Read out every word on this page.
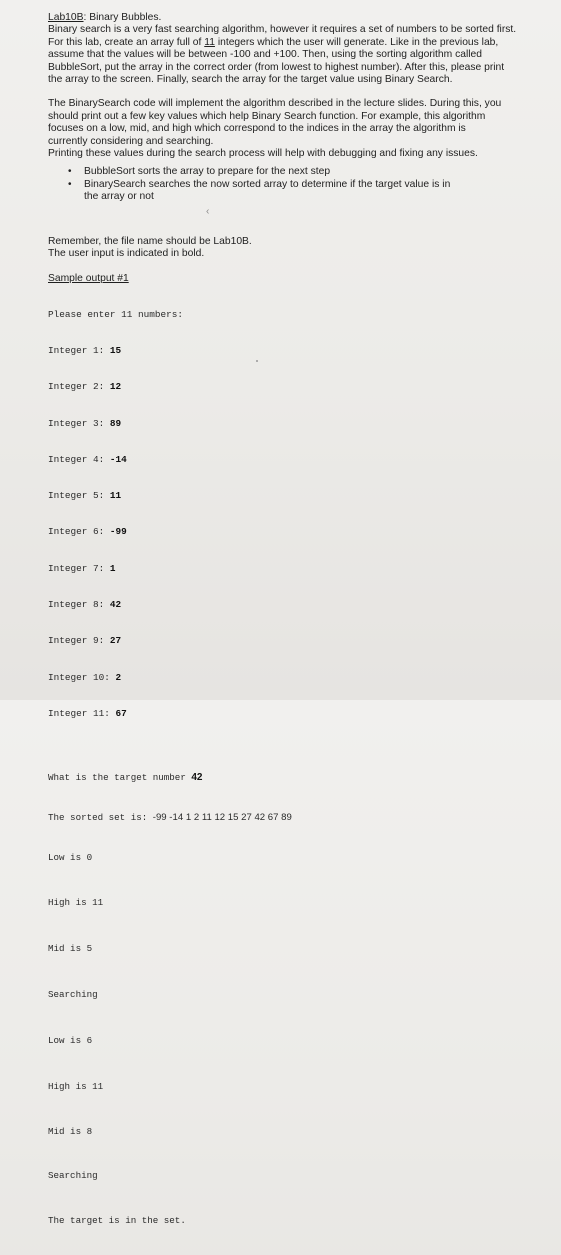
Lab10B: Binary Bubbles.
Binary search is a very fast searching algorithm, however it requires a set of numbers to be sorted first.
For this lab, create an array full of 11 integers which the user will generate. Like in the previous lab,
assume that the values will be between -100 and +100. Then, using the sorting algorithm called
BubbleSort, put the array in the correct order (from lowest to highest number). After this, please print
the array to the screen. Finally, search the array for the target value using Binary Search.
The BinarySearch code will implement the algorithm described in the lecture slides. During this, you
should print out a few key values which help Binary Search function. For example, this algorithm
focuses on a low, mid, and high which correspond to the indices in the array the algorithm is
currently considering and searching.
Printing these values during the search process will help with debugging and fixing any issues.
• BubbleSort sorts the array to prepare for the next step
• BinarySearch searches the now sorted array to determine if the target value is in
the array or not
Remember, the file name should be Lab10B.
The user input is indicated in bold.
Sample output #1

Please enter 11 numbers:

Integer 1: 15

Integer 2: 12

Integer 3: 89

Integer 4: -14

Integer 5: 11

Integer 6: -99

Integer 7: 1

Integer 8: 42

Integer 9: 27

Integer 10: 2

Integer 11: 67

What is the target number 42

The sorted set is: -99 -14 1 2 11 12 15 27 42 67 89

Low is 0

High is 11

Mid is 5

Searching

Low is 6

High is 11

Mid is 8

Searching

The target is in the set.

‹
